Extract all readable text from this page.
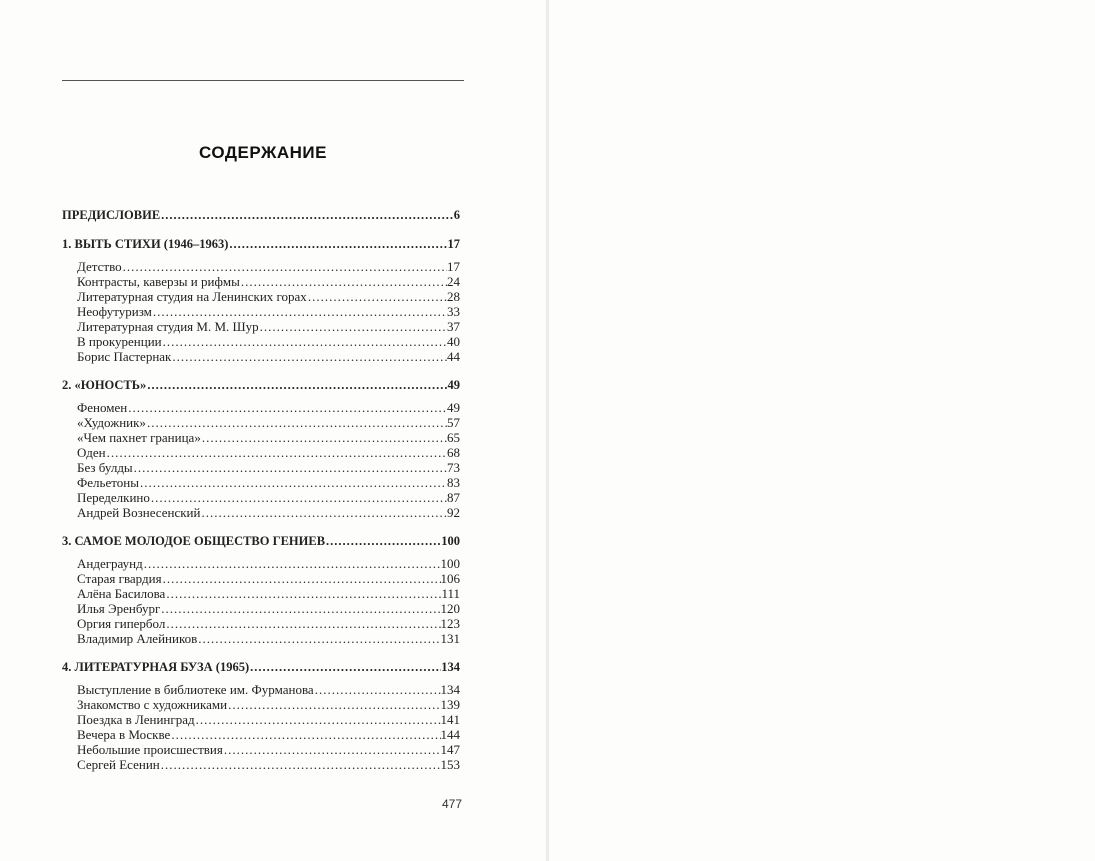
СОДЕРЖАНИЕ
ПРЕДИСЛОВИЕ .....	6
1. ВЫТЬ СТИХИ (1946–1963) .....	17
Детство .....	17
Контрасты, каверзы и рифмы .....	24
Литературная студия на Ленинских горах .....	28
Неофутуризм .....	33
Литературная студия М. М. Шур .....	37
В прокуренции .....	40
Борис Пастернак .....	44
2. «ЮНОСТЬ» .....	49
Феномен .....	49
«Художник» .....	57
«Чем пахнет граница» .....	65
Оден .....	68
Без булды .....	73
Фельетоны .....	83
Переделкино .....	87
Андрей Вознесенский .....	92
3. САМОЕ МОЛОДОЕ ОБЩЕСТВО ГЕНИЕВ .....	100
Андеграунд .....	100
Старая гвардия .....	106
Алёна Басилова .....	111
Илья Эренбург .....	120
Оргия гипербол .....	123
Владимир Алейников .....	131
4. ЛИТЕРАТУРНАЯ БУЗА (1965) .....	134
Выступление в библиотеке им. Фурманова .....	134
Знакомство с художниками .....	139
Поездка в Ленинград .....	141
Вечера в Москве .....	144
Небольшие происшествия .....	147
Сергей Есенин .....	153
477
